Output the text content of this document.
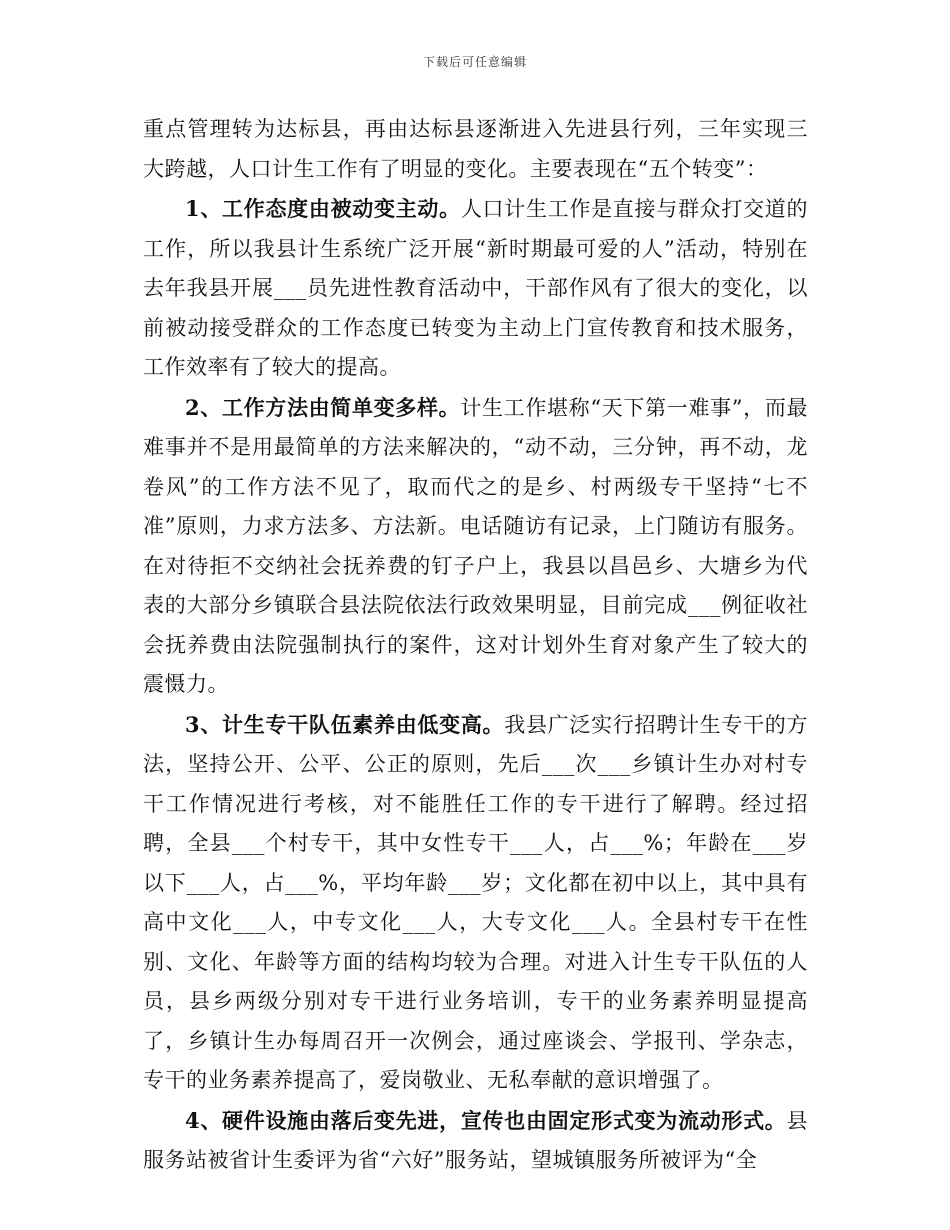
下载后可任意编辑

重点管理转为达标县，再由达标县逐渐进入先进县行列，三年实现三大跨越，人口计生工作有了明显的变化。主要表现在“五个转变”：

1、工作态度由被动变主动。人口计生工作是直接与群众打交道的工作，所以我县计生系统广泛开展“新时期最可爱的人”活动，特别在去年我县开展___员先进性教育活动中，干部作风有了很大的变化，以前被动接受群众的工作态度已转变为主动上门宣传教育和技术服务，工作效率有了较大的提高。

2、工作方法由简单变多样。计生工作堪称“天下第一难事”，而最难事并不是用最简单的方法来解决的，“动不动，三分钟，再不动，龙卷风”的工作方法不见了，取而代之的是乡、村两级专干坚持“七不准”原则，力求方法多、方法新。电话随访有记录，上门随访有服务。在对待拒不交纳社会抚养费的钉子户上，我县以昌邑乡、大塘乡为代表的大部分乡镇联合县法院依法行政效果明显，目前完成___例征收社会抚养费由法院强制执行的案件，这对计划外生育对象产生了较大的震慑力。

3、计生专干队伍素养由低变高。我县广泛实行招聘计生专干的方法，坚持公开、公平、公正的原则，先后___次___乡镇计生办对村专干工作情况进行考核，对不能胜任工作的专干进行了解聘。经过招聘，全县___个村专干，其中女性专干___人，占___%；年龄在___岁以下___人，占___%，平均年龄___岁；文化都在初中以上，其中具有高中文化___人，中专文化___人，大专文化___人。全县村专干在性别、文化、年龄等方面的结构均较为合理。对进入计生专干队伍的人员，县乡两级分别对专干进行业务培训，专干的业务素养明显提高了，乡镇计生办每周召开一次例会，通过座谈会、学报刊、学杂志，专干的业务素养提高了，爱岗敬业、无私奉献的意识增强了。

4、硬件设施由落后变先进，宣传也由固定形式变为流动形式。县服务站被省计生委评为省“六好”服务站，望城镇服务所被评为“全
